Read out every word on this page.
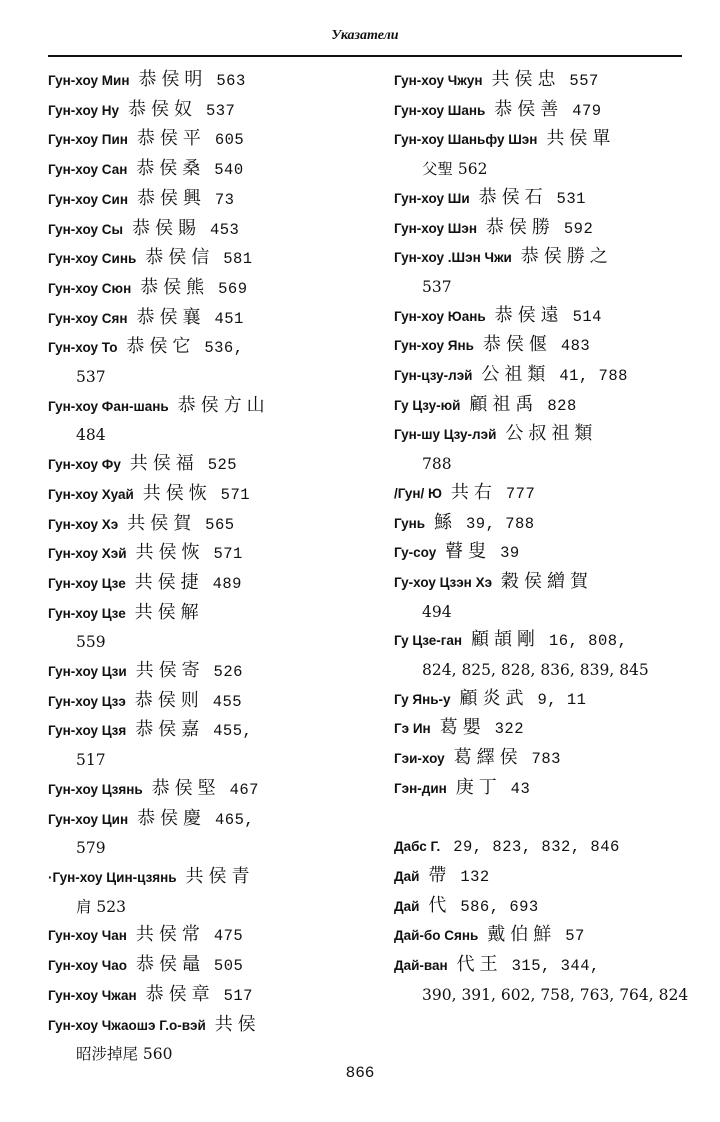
Указатели
Гун-хоу Мин 恭侯明 563
Гун-хоу Ну 恭侯奴 537
Гун-хоу Пин 恭侯平 605
Гун-хоу Сан 恭侯桑 540
Гун-хоу Син 恭侯興 73
Гун-хоу Сы 恭侯賜 453
Гун-хоу Синь 恭侯信 581
Гун-хоу Сюн 恭侯熊 569
Гун-хоу Сян 恭侯襄 451
Гун-хоу То 恭侯它 536,
537
Гун-хоу Фан-шань 恭侯方山
484
Гун-хоу Фу 共侯福 525
Гун-хоу Хуай 共侯恢 571
Гун-хоу Хэ 共侯賀 565
Гун-хоу Хэй 共侯恢 571
Гун-хоу Цзе 共侯捷 489
Гун-хоу Цзе 共侯解
559
Гун-хоу Цзи 共侯寄 526
Гун-хоу Цзэ 恭侯则 455
Гун-хоу Цзя 恭侯嘉 455,
517
Гун-хоу Цзянь 恭侯堅 467
Гун-хоу Цин 恭侯慶 465,
579
·Гун-хоу Цин-цзянь 共侯青
肩 523
Гун-хоу Чан 共侯常 475
Гун-хоу Чао 恭侯鼂 505
Гун-хоу Чжан 恭侯章 517
Гун-хоу Чжаошэ Г.о-вэй 共侯
昭涉掉尾 560
Гун-хоу Чжун 共侯忠 557
Гун-хоу Шань 恭侯善 479
Гун-хоу Шаньфу Шэн 共侯單
父聖 562
Гун-хоу Ши 恭侯石 531
Гун-хоу Шэн 恭侯勝 592
Гун-хоу .Шэн Чжи 恭侯勝之
537
Гун-хоу Юань 恭侯遠 514
Гун-хоу Янь 恭侯偃 483
Гун-цзу-лэй 公祖類 41, 788
Гу Цзу-юй 顧祖禹 828
Гун-шу Цзу-лэй 公叔祖類
788
/Гун/ Ю 共右 777
Гунь 鯀 39, 788
Гу-соу 瞽叟 39
Гу-хоу Цзэн Хэ 穀侯繒賀
494
Гу Цзе-ган 顧頡剛 16, 808,
824, 825, 828, 836, 839, 845
Гу Янь-у 顧炎武 9, 11
Гэ Ин 葛嬰 322
Гэи-хоу 葛繹侯 783
Гэн-дин 庚丁 43
Дабс Г. 29, 823, 832, 846
Дай 帶 132
Дай 代 586, 693
Дай-бо Сянь 戴伯鮮 57
Дай-ван 代王 315, 344,
390, 391, 602, 758, 763, 764, 824
866
